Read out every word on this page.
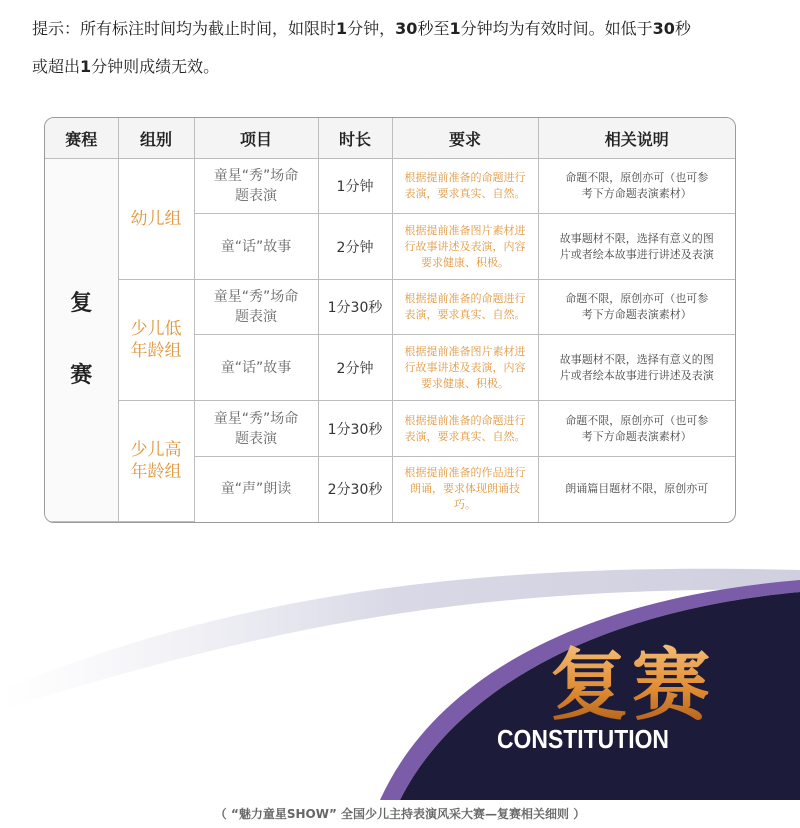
提示：所有标注时间均为截止时间，如限时1分钟，30秒至1分钟均为有效时间。如低于30秒
或超出1分钟则成绩无效。
赛程	组别	项目	时长	要求	相关说明
复赛	幼儿组	童星“秀”场命题表演	1分钟	根据提前准备的命题进行表演，要求真实、自然。	命题不限，原创亦可（也可参考下方命题表演素材）
		童“话”故事	2分钟	根据提前准备图片素材进行故事讲述及表演，内容要求健康、积极。	故事题材不限，选择有意义的图片或者绘本故事进行讲述及表演
	少儿低年龄组	童星“秀”场命题表演	1分30秒	根据提前准备的命题进行表演，要求真实、自然。	命题不限，原创亦可（也可参考下方命题表演素材）
		童“话”故事	2分钟	根据提前准备图片素材进行故事讲述及表演，内容要求健康、积极。	故事题材不限，选择有意义的图片或者绘本故事进行讲述及表演
	少儿高年龄组	童星“秀”场命题表演	1分30秒	根据提前准备的命题进行表演，要求真实、自然。	命题不限，原创亦可（也可参考下方命题表演素材）
		童“声”朗读	2分30秒	根据提前准备的作品进行朗诵，要求体现朗诵技巧。	朗诵篇目题材不限，原创亦可
复赛
CONSTITUTION
（ “魅力童星SHOW” 全国少儿主持表演风采大赛—复赛相关细则 ）
